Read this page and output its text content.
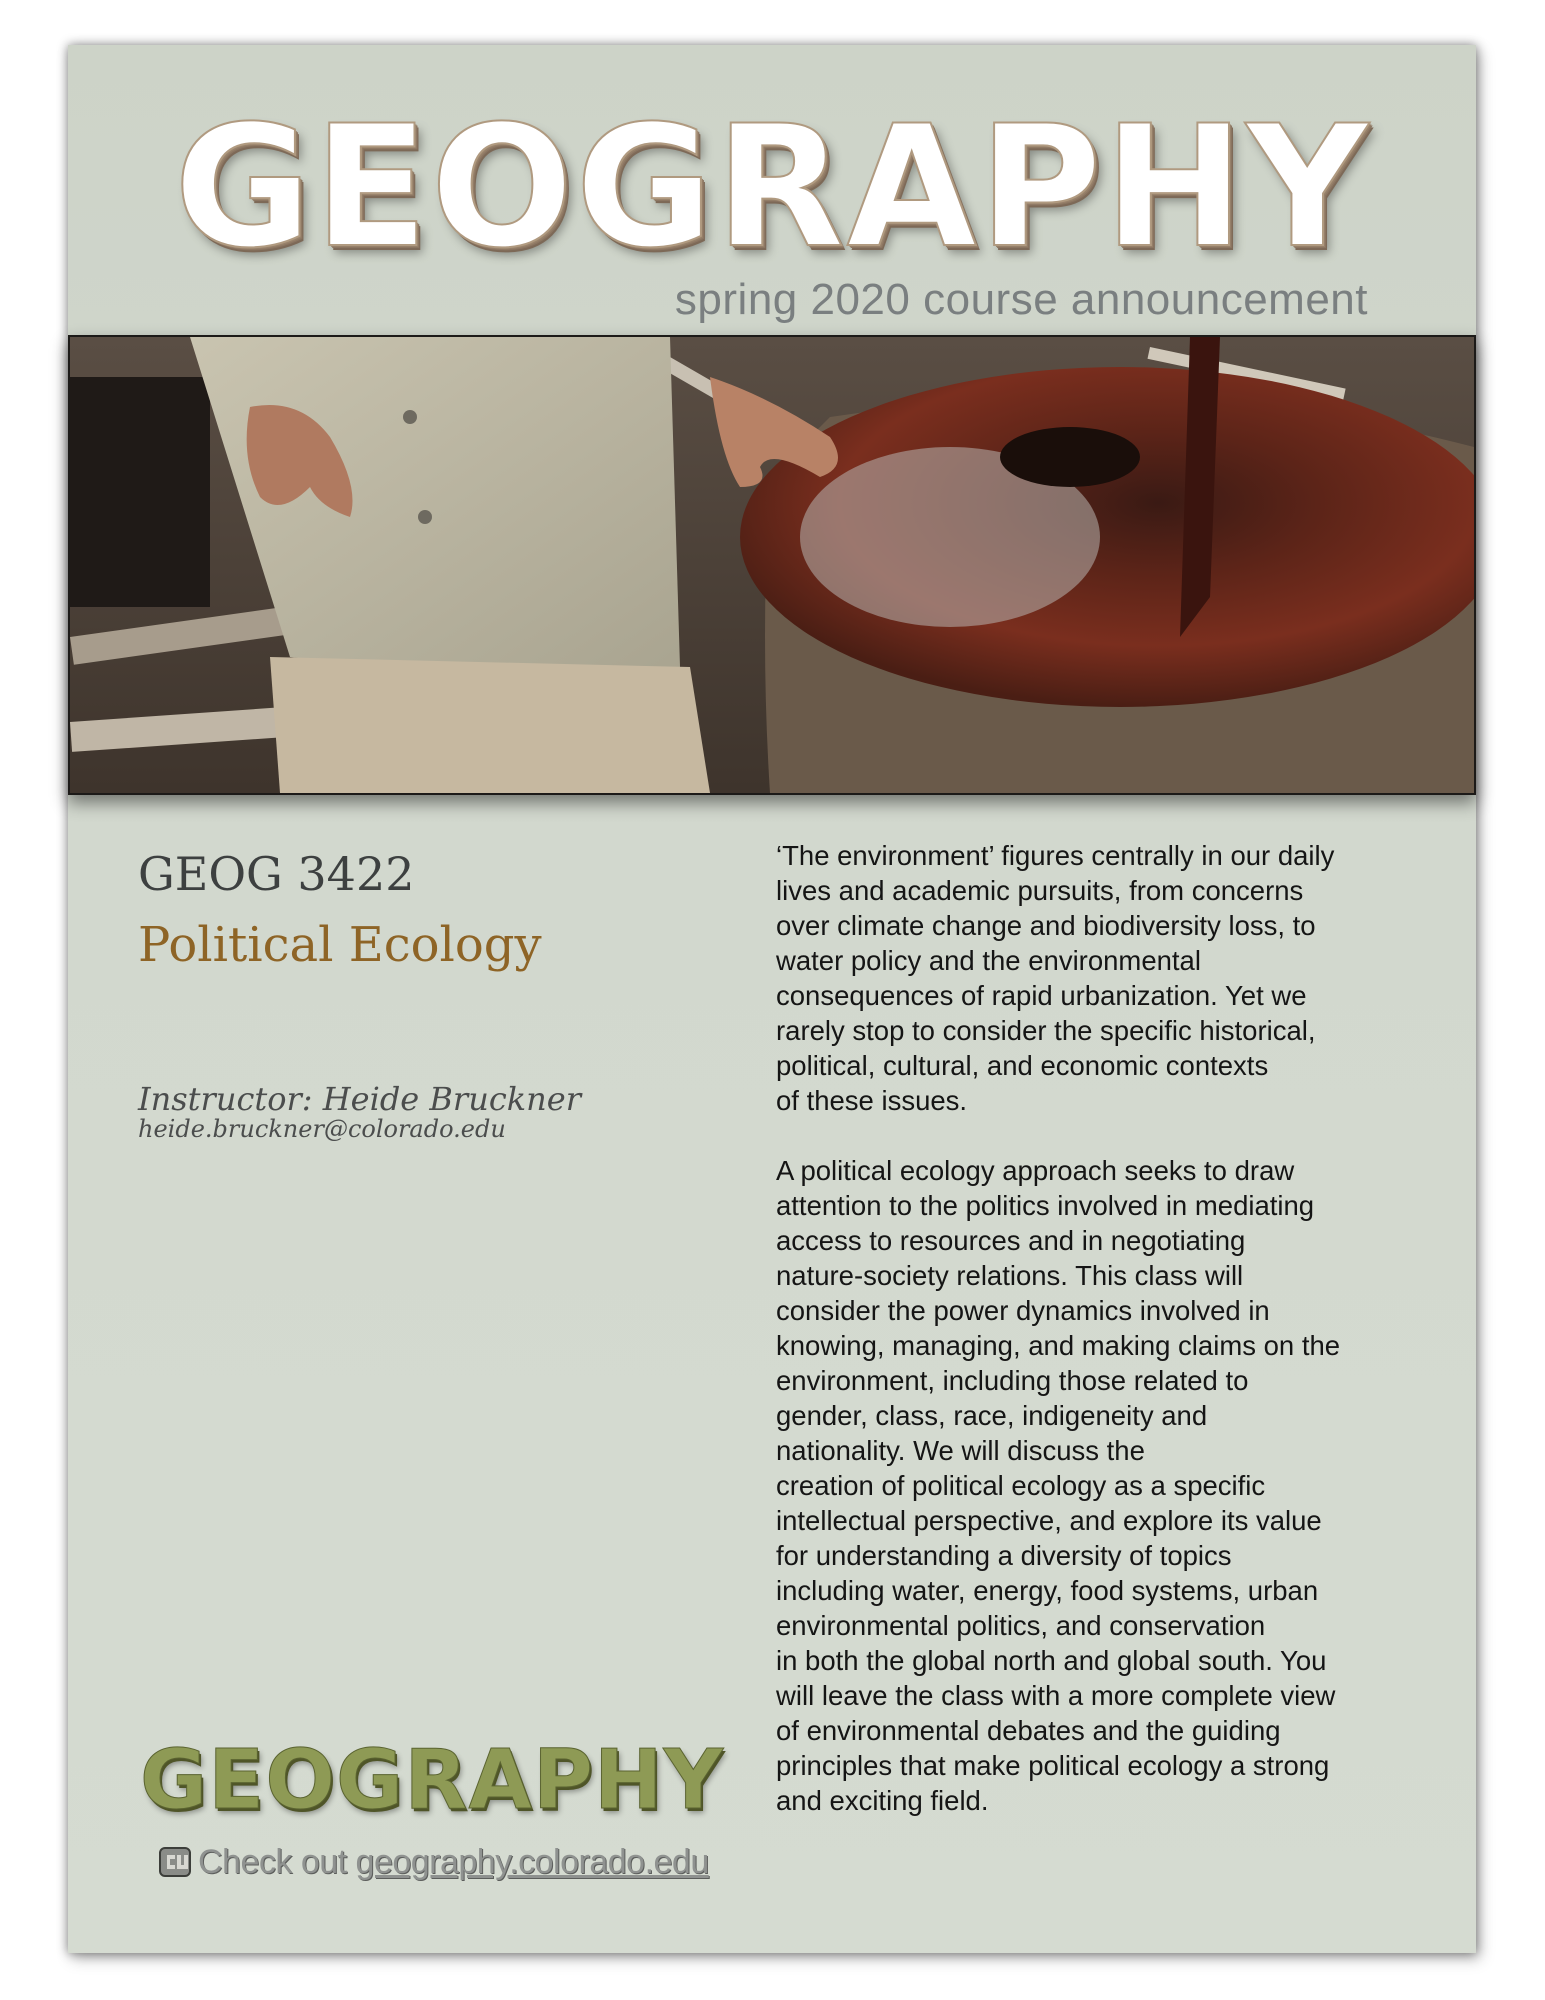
GEOGRAPHY
spring 2020 course announcement
GEOG 3422
Political Ecology
Instructor: Heide Bruckner
heide.bruckner@colorado.edu

‘The environment’ figures centrally in our daily
lives and academic pursuits, from concerns
over climate change and biodiversity loss, to
water policy and the environmental
consequences of rapid urbanization. Yet we
rarely stop to consider the specific historical,
political, cultural, and economic contexts
of these issues.

A political ecology approach seeks to draw
attention to the politics involved in mediating
access to resources and in negotiating
nature-society relations. This class will
consider the power dynamics involved in
knowing, managing, and making claims on the
environment, including those related to
gender, class, race, indigeneity and
nationality. We will discuss the
creation of political ecology as a specific
intellectual perspective, and explore its value
for understanding a diversity of topics
including water, energy, food systems, urban
environmental politics, and conservation
in both the global north and global south. You
will leave the class with a more complete view
of environmental debates and the guiding
principles that make political ecology a strong
and exciting field.

GEOGRAPHY
Check out geography.colorado.edu
